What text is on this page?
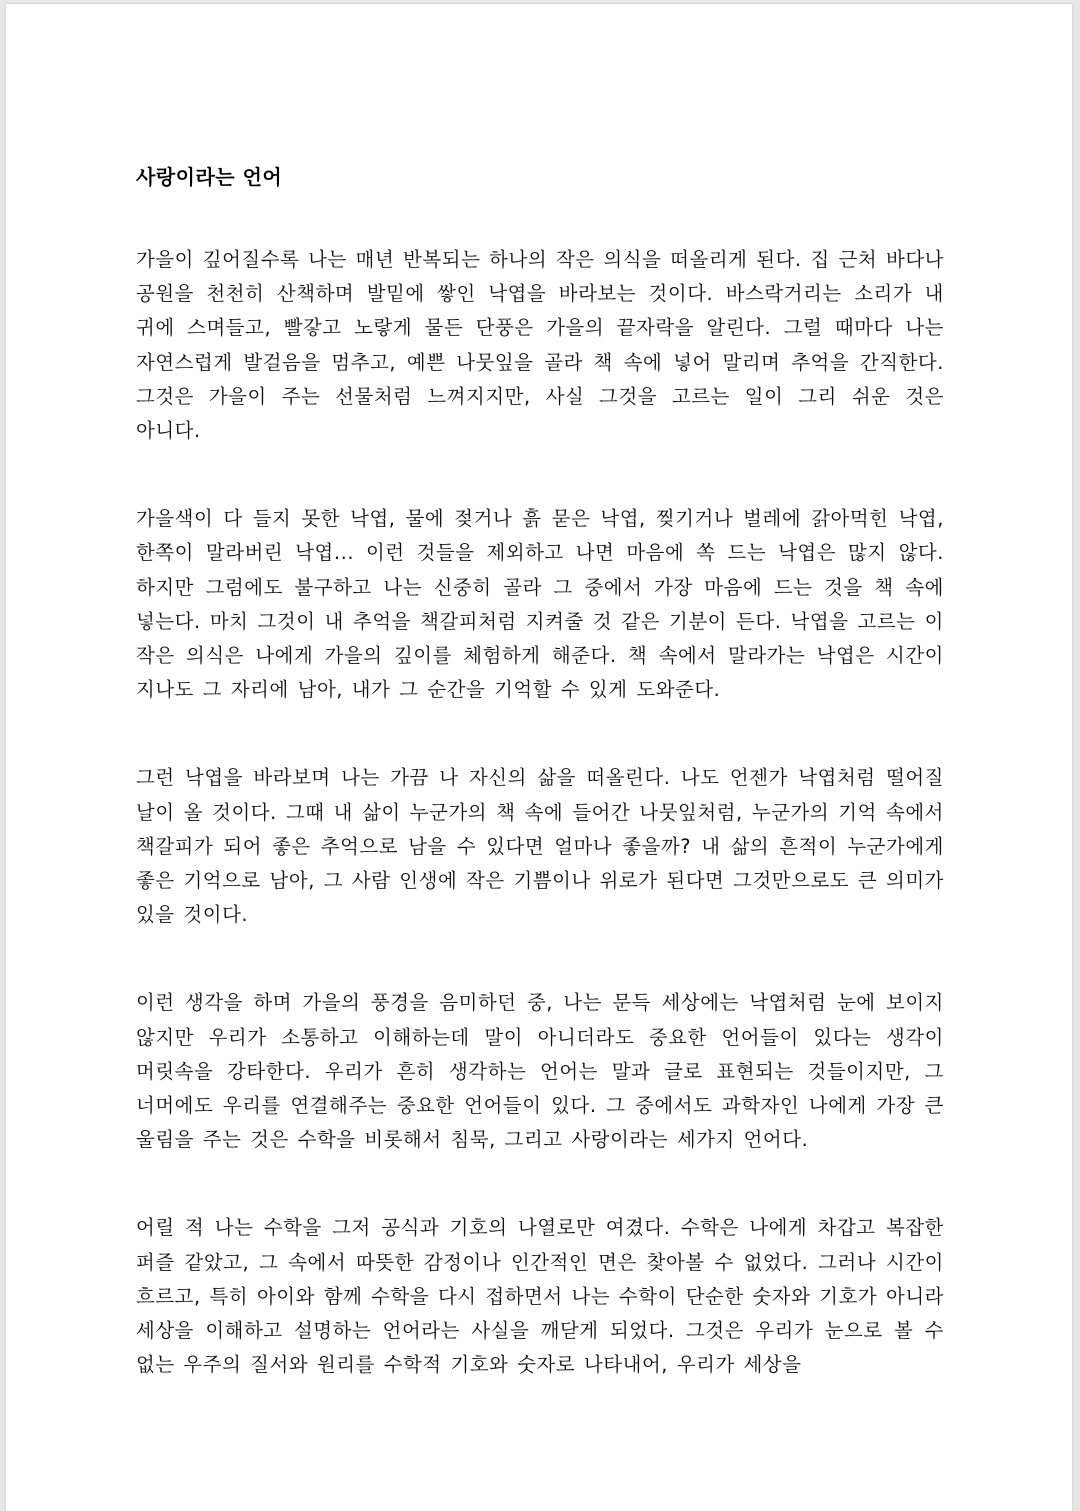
사랑이라는 언어

가을이 깊어질수록 나는 매년 반복되는 하나의 작은 의식을 떠올리게 된다. 집 근처 바다나 공원을 천천히 산책하며 발밑에 쌓인 낙엽을 바라보는 것이다. 바스락거리는 소리가 내 귀에 스며들고, 빨갛고 노랗게 물든 단풍은 가을의 끝자락을 알린다. 그럴 때마다 나는 자연스럽게 발걸음을 멈추고, 예쁜 나뭇잎을 골라 책 속에 넣어 말리며 추억을 간직한다. 그것은 가을이 주는 선물처럼 느껴지지만, 사실 그것을 고르는 일이 그리 쉬운 것은 아니다.

가을색이 다 들지 못한 낙엽, 물에 젖거나 흙 묻은 낙엽, 찢기거나 벌레에 갉아먹힌 낙엽, 한쪽이 말라버린 낙엽... 이런 것들을 제외하고 나면 마음에 쏙 드는 낙엽은 많지 않다. 하지만 그럼에도 불구하고 나는 신중히 골라 그 중에서 가장 마음에 드는 것을 책 속에 넣는다. 마치 그것이 내 추억을 책갈피처럼 지켜줄 것 같은 기분이 든다. 낙엽을 고르는 이 작은 의식은 나에게 가을의 깊이를 체험하게 해준다. 책 속에서 말라가는 낙엽은 시간이 지나도 그 자리에 남아, 내가 그 순간을 기억할 수 있게 도와준다.

그런 낙엽을 바라보며 나는 가끔 나 자신의 삶을 떠올린다. 나도 언젠가 낙엽처럼 떨어질 날이 올 것이다. 그때 내 삶이 누군가의 책 속에 들어간 나뭇잎처럼, 누군가의 기억 속에서 책갈피가 되어 좋은 추억으로 남을 수 있다면 얼마나 좋을까? 내 삶의 흔적이 누군가에게 좋은 기억으로 남아, 그 사람 인생에 작은 기쁨이나 위로가 된다면 그것만으로도 큰 의미가 있을 것이다.

이런 생각을 하며 가을의 풍경을 음미하던 중, 나는 문득 세상에는 낙엽처럼 눈에 보이지 않지만 우리가 소통하고 이해하는데 말이 아니더라도 중요한 언어들이 있다는 생각이 머릿속을 강타한다. 우리가 흔히 생각하는 언어는 말과 글로 표현되는 것들이지만, 그 너머에도 우리를 연결해주는 중요한 언어들이 있다. 그 중에서도 과학자인 나에게 가장 큰 울림을 주는 것은 수학을 비롯해서 침묵, 그리고 사랑이라는 세가지 언어다.

어릴 적 나는 수학을 그저 공식과 기호의 나열로만 여겼다. 수학은 나에게 차갑고 복잡한 퍼즐 같았고, 그 속에서 따뜻한 감정이나 인간적인 면은 찾아볼 수 없었다. 그러나 시간이 흐르고, 특히 아이와 함께 수학을 다시 접하면서 나는 수학이 단순한 숫자와 기호가 아니라 세상을 이해하고 설명하는 언어라는 사실을 깨닫게 되었다. 그것은 우리가 눈으로 볼 수 없는 우주의 질서와 원리를 수학적 기호와 숫자로 나타내어, 우리가 세상을
